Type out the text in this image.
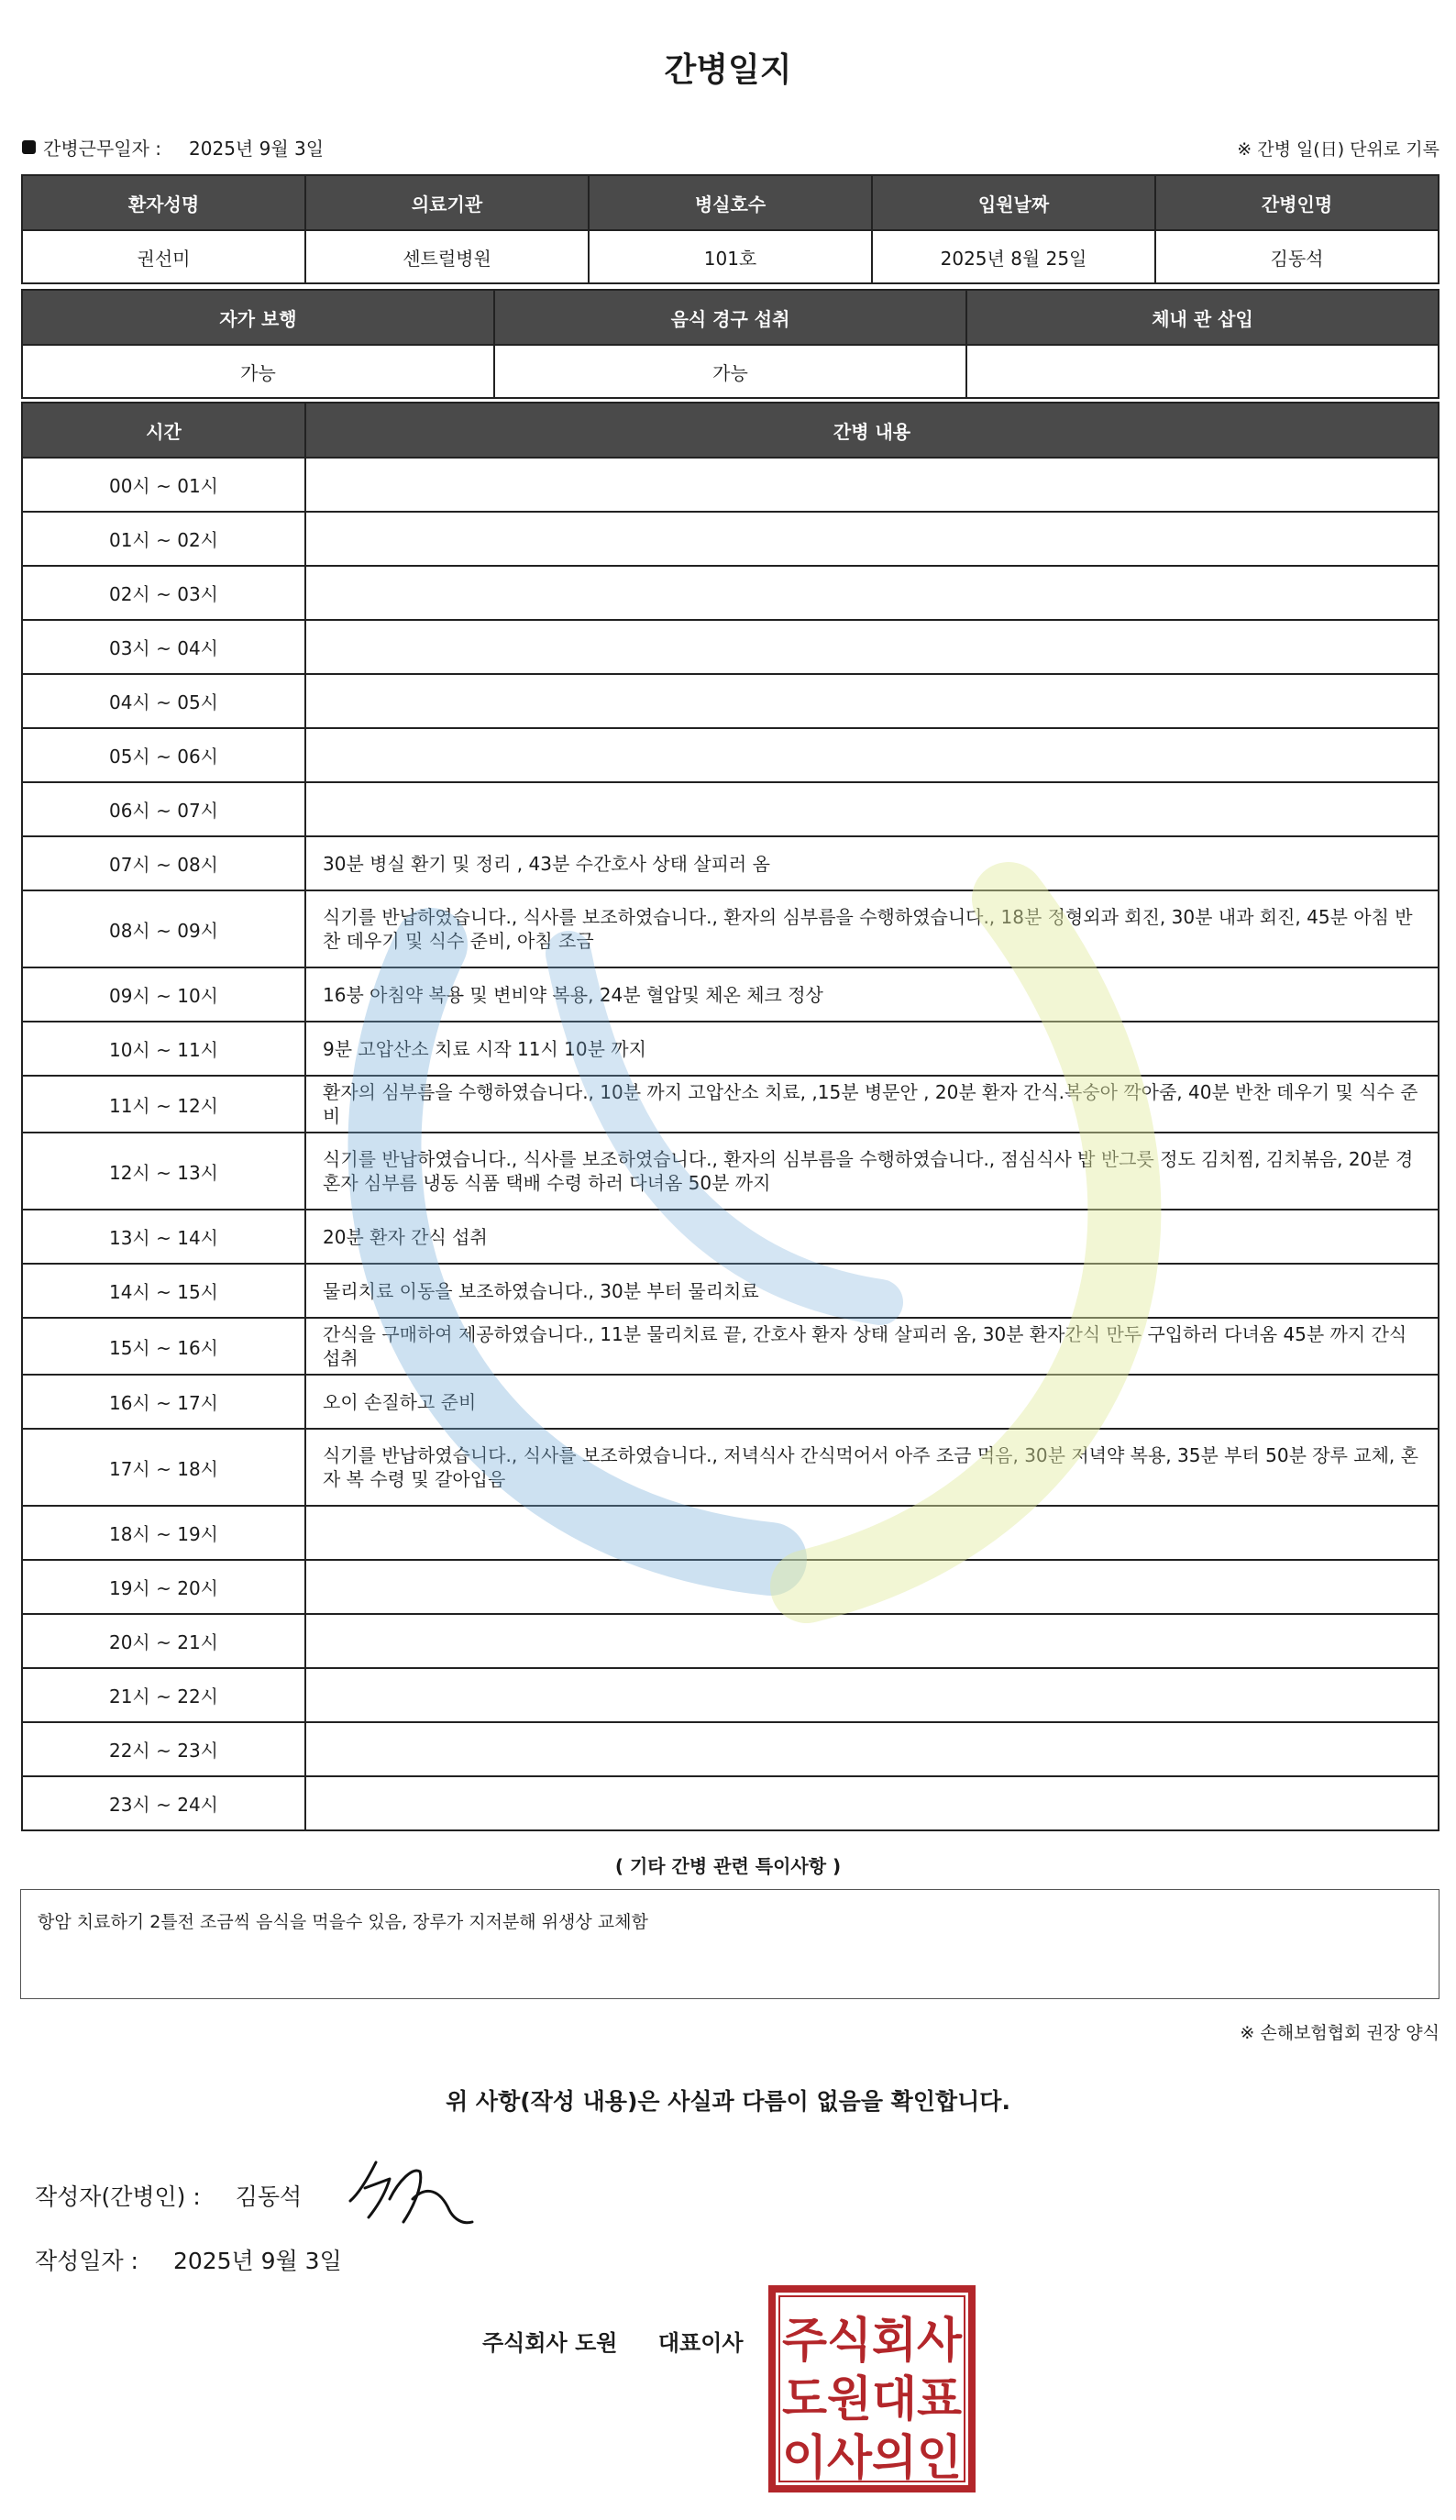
간병일지
간병근무일자 : 2025년 9월 3일	※ 간병 일(日) 단위로 기록
환자성명	의료기관	병실호수	입원날짜	간병인명
권선미	센트럴병원	101호	2025년 8월 25일	김동석
자가 보행	음식 경구 섭취	체내 관 삽입
가능	가능	
시간	간병 내용
00시 ~ 01시	
01시 ~ 02시	
02시 ~ 03시	
03시 ~ 04시	
04시 ~ 05시	
05시 ~ 06시	
06시 ~ 07시	
07시 ~ 08시	30분 병실 환기 및 정리 , 43분 수간호사 상태 살피러 옴
08시 ~ 09시	식기를 반납하였습니다., 식사를 보조하였습니다., 환자의 심부름을 수행하였습니다., 18분 정형외과 회진, 30분 내과 회진, 45분 아침 반찬 데우기 및 식수 준비, 아침 조금
09시 ~ 10시	16붕 아침약 복용 및 변비약 복용, 24분 혈압및 체온 체크 정상
10시 ~ 11시	9분 고압산소 치료 시작 11시 10분 까지
11시 ~ 12시	환자의 심부름을 수행하였습니다., 10분 까지 고압산소 치료, ,15분 병문안 , 20분 환자 간식.복숭아 깍아줌, 40분 반찬 데우기 및 식수 준비
12시 ~ 13시	식기를 반납하였습니다., 식사를 보조하였습니다., 환자의 심부름을 수행하였습니다., 점심식사 밥 반그릇 정도 김치찜, 김치볶음, 20분 경 혼자 심부름 냉동 식품 택배 수령 하러 다녀옴 50분 까지
13시 ~ 14시	20분 환자 간식 섭취
14시 ~ 15시	물리치료 이동을 보조하였습니다., 30분 부터 물리치료
15시 ~ 16시	간식을 구매하여 제공하였습니다., 11분 물리치료 끝, 간호사 환자 상태 살피러 옴, 30분 환자간식 만두 구입하러 다녀옴 45분 까지 간식섭취
16시 ~ 17시	오이 손질하고 준비
17시 ~ 18시	식기를 반납하였습니다., 식사를 보조하였습니다., 저녁식사 간식먹어서 아주 조금 먹음, 30분 저녁약 복용, 35분 부터 50분 장루 교체, 혼자 복 수령 및 갈아입음
18시 ~ 19시	
19시 ~ 20시	
20시 ~ 21시	
21시 ~ 22시	
22시 ~ 23시	
23시 ~ 24시	
( 기타 간병 관련 특이사항 )
항암 치료하기 2틀전 조금씩 음식을 먹을수 있음, 장루가 지저분해 위생상 교체함
※ 손해보험협회 권장 양식
위 사항(작성 내용)은 사실과 다름이 없음을 확인합니다.
작성자(간병인) : 김동석
작성일자 : 2025년 9월 3일
주식회사 도원 대표이사 주식회사
도원대표
이사의인
